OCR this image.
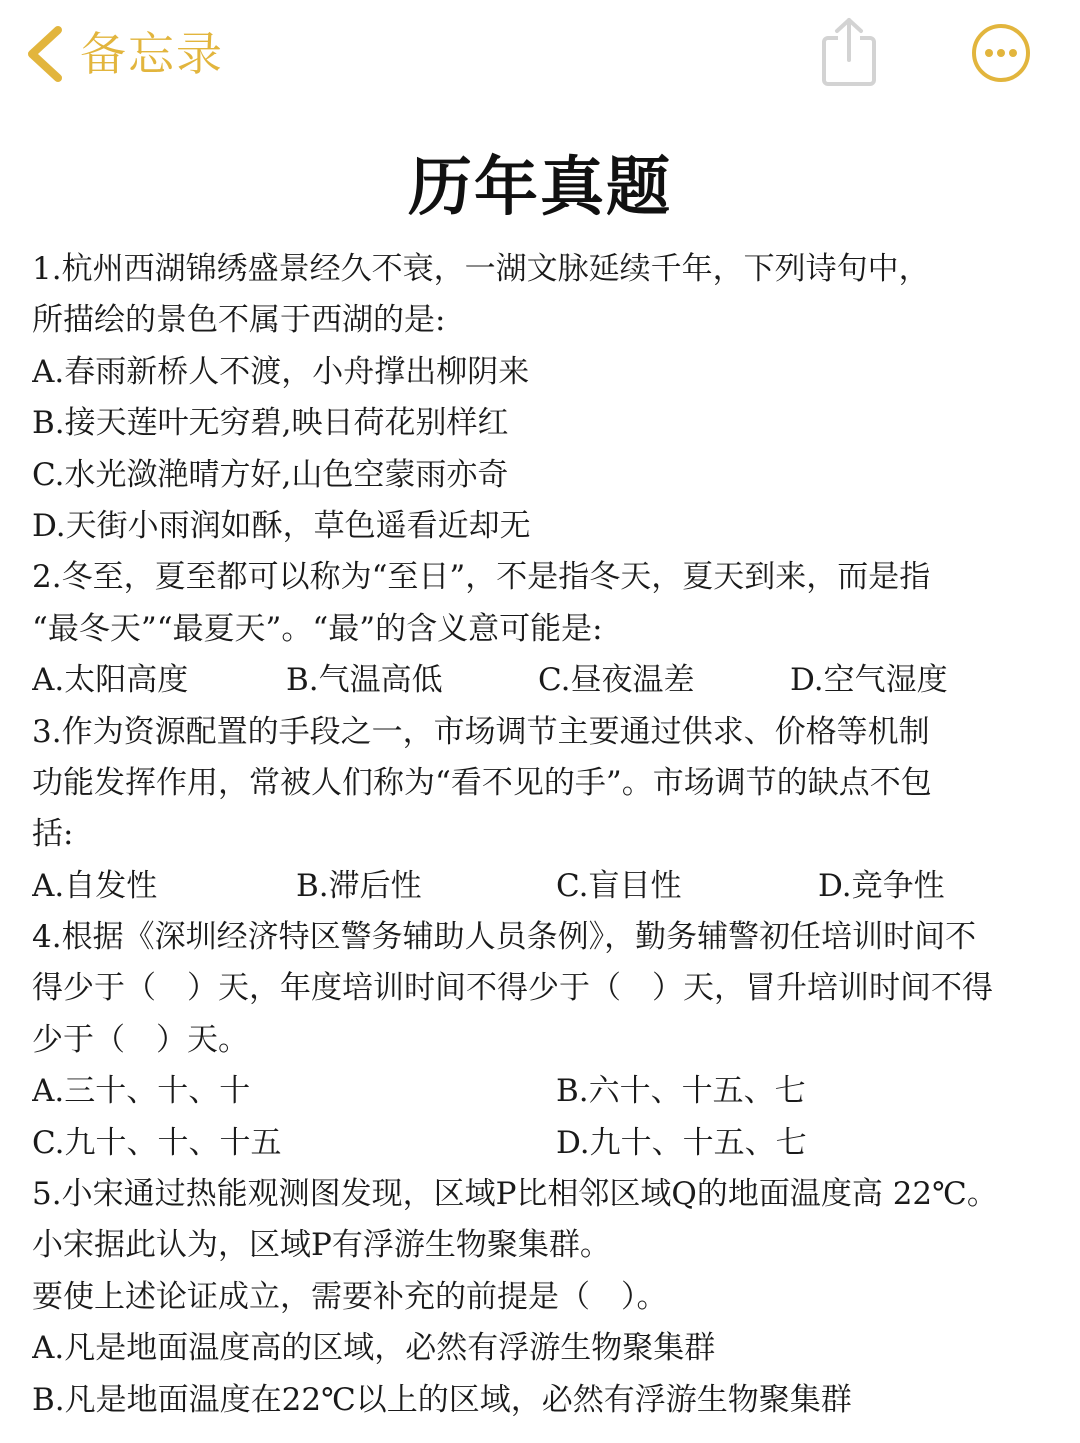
备忘录
历年真题
1.杭州西湖锦绣盛景经久不衰，一湖文脉延续千年，下列诗句中，
所描绘的景色不属于西湖的是:
A.春雨新桥人不渡，小舟撑出柳阴来
B.接天莲叶无穷碧,映日荷花别样红
C.水光潋滟晴方好,山色空蒙雨亦奇
D.天街小雨润如酥，草色遥看近却无
2.冬至，夏至都可以称为“至日”，不是指冬天，夏天到来，而是指
“最冬天”“最夏天”。“最”的含义意可能是:
A.太阳高度	B.气温高低	C.昼夜温差	D.空气湿度
3.作为资源配置的手段之一，市场调节主要通过供求、价格等机制
功能发挥作用，常被人们称为“看不见的手”。市场调节的缺点不包
括:
A.自发性	B.滞后性	C.盲目性	D.竞争性
4.根据《深圳经济特区警务辅助人员条例》，勤务辅警初任培训时间不
得少于（　）天，年度培训时间不得少于（　）天，冒升培训时间不得
少于（　）天。
A.三十、十、十	B.六十、十五、七
C.九十、十、十五	D.九十、十五、七
5.小宋通过热能观测图发现，区域P比相邻区域Q的地面温度高 22℃。
小宋据此认为，区域P有浮游生物聚集群。
要使上述论证成立，需要补充的前提是（　）。
A.凡是地面温度高的区域，必然有浮游生物聚集群
B.凡是地面温度在22℃以上的区域，必然有浮游生物聚集群
